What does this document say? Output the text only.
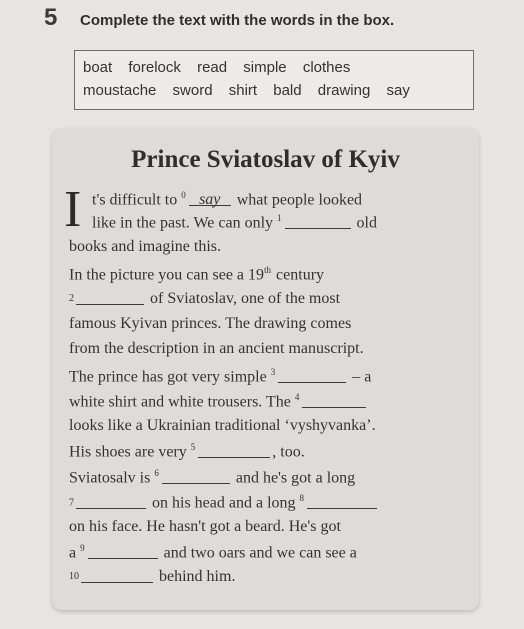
5 Complete the text with the words in the box.
boat forelock read simple clothes
moustache sword shirt bald drawing say
Prince Sviatoslav of Kyiv
I t's difficult to $^0$ say what people looked
like in the past. We can only $^1$	old
books and imagine this.
In the picture you can see a 19th century
2	of Sviatoslav, one of the most
famous Kyivan princes. The drawing comes
from the description in an ancient manuscript.
The prince has got very simple $^3$	– a
white shirt and white trousers. The $^4$
looks like a Ukrainian traditional ‘vyshyvanka’.
His shoes are very $^5$	, too.
Sviatosalv is $^6$	and he's got a long
7	on his head and a long $^8$
on his face. He hasn't got a beard. He's got
a $^9$	and two oars and we can see a
10	behind him.
